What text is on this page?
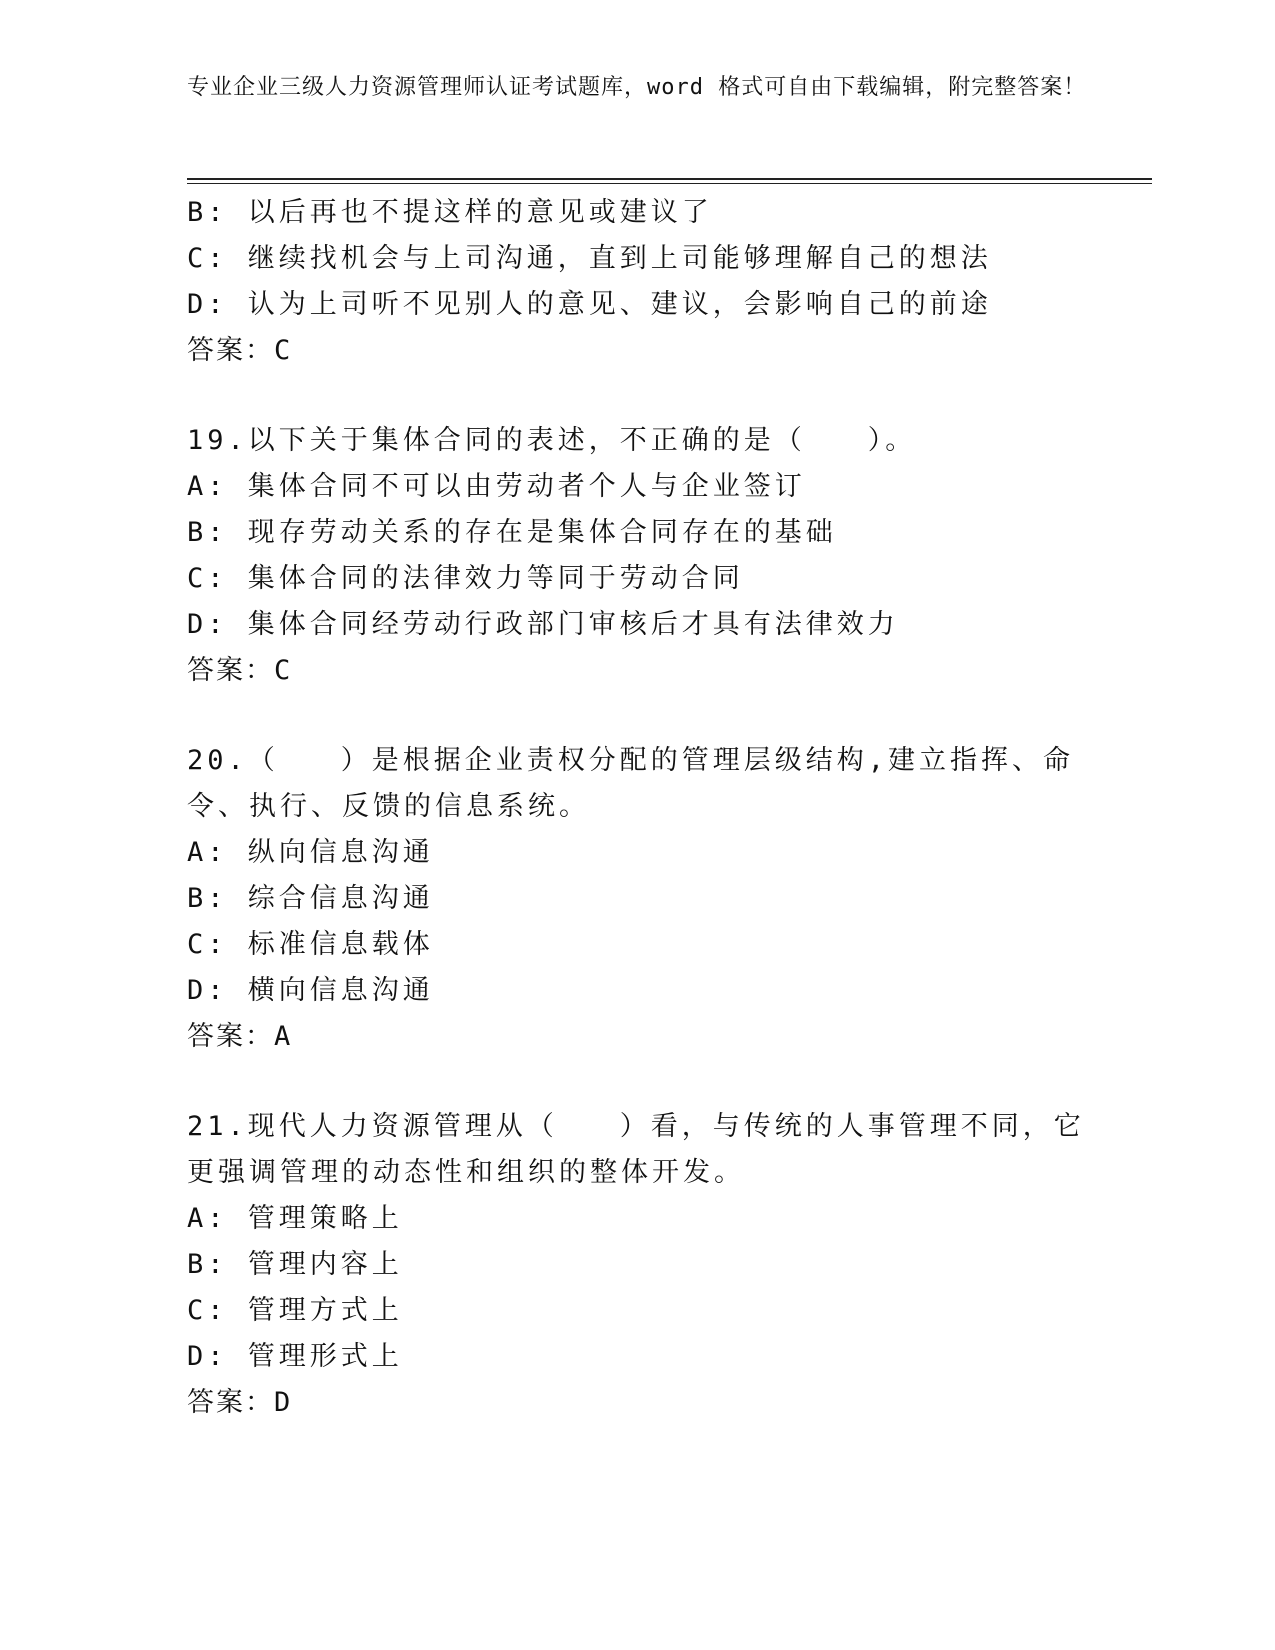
专业企业三级人力资源管理师认证考试题库，word 格式可自由下载编辑，附完整答案！
B: 以后再也不提这样的意见或建议了
C: 继续找机会与上司沟通，直到上司能够理解自己的想法
D: 认为上司听不见别人的意见、建议，会影响自己的前途
答案：C
19.以下关于集体合同的表述，不正确的是（　　）。
A: 集体合同不可以由劳动者个人与企业签订
B: 现存劳动关系的存在是集体合同存在的基础
C: 集体合同的法律效力等同于劳动合同
D: 集体合同经劳动行政部门审核后才具有法律效力
答案：C
20.（　　）是根据企业责权分配的管理层级结构,建立指挥、命令、执行、反馈的信息系统。
A: 纵向信息沟通
B: 综合信息沟通
C: 标准信息载体
D: 横向信息沟通
答案：A
21.现代人力资源管理从（　　）看，与传统的人事管理不同，它更强调管理的动态性和组织的整体开发。
A: 管理策略上
B: 管理内容上
C: 管理方式上
D: 管理形式上
答案：D
